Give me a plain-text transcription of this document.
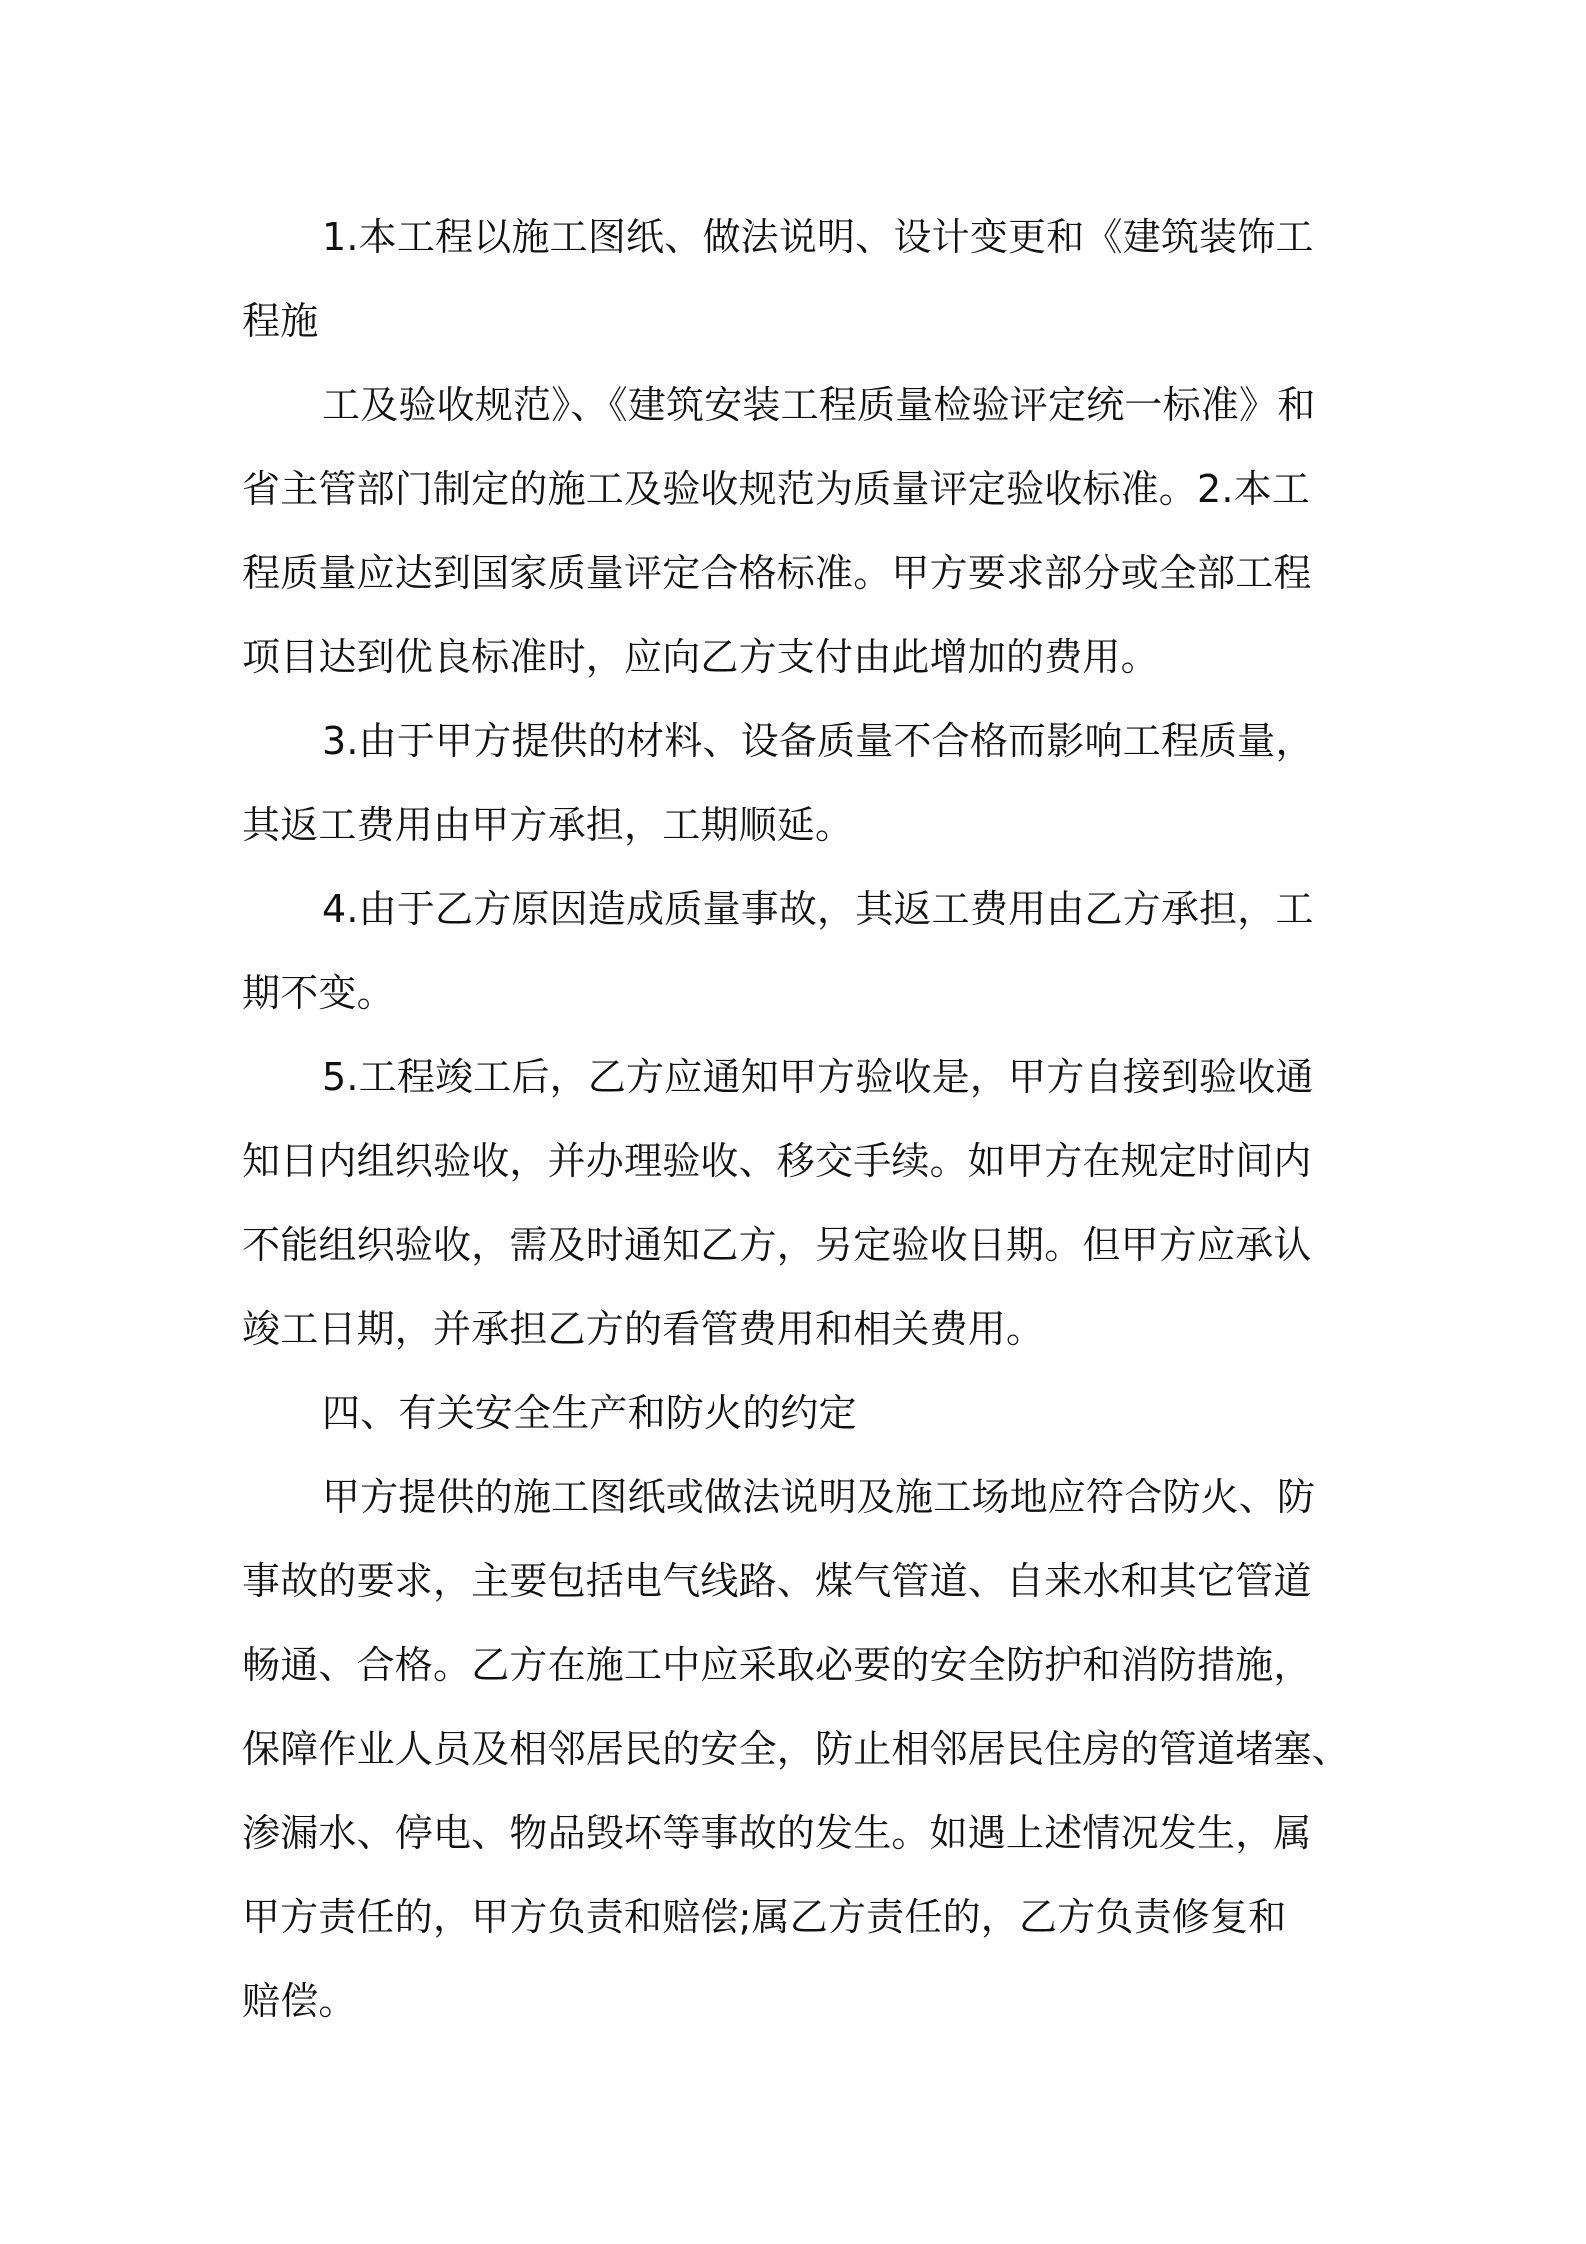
1.本工程以施工图纸、做法说明、设计变更和《建筑装饰工
程施
工及验收规范》、《建筑安装工程质量检验评定统一标准》和
省主管部门制定的施工及验收规范为质量评定验收标准。2.本工
程质量应达到国家质量评定合格标准。甲方要求部分或全部工程
项目达到优良标准时，应向乙方支付由此增加的费用。
3.由于甲方提供的材料、设备质量不合格而影响工程质量，
其返工费用由甲方承担，工期顺延。
4.由于乙方原因造成质量事故，其返工费用由乙方承担，工
期不变。
5.工程竣工后，乙方应通知甲方验收是，甲方自接到验收通
知日内组织验收，并办理验收、移交手续。如甲方在规定时间内
不能组织验收，需及时通知乙方，另定验收日期。但甲方应承认
竣工日期，并承担乙方的看管费用和相关费用。
四、有关安全生产和防火的约定
甲方提供的施工图纸或做法说明及施工场地应符合防火、防
事故的要求，主要包括电气线路、煤气管道、自来水和其它管道
畅通、合格。乙方在施工中应采取必要的安全防护和消防措施，
保障作业人员及相邻居民的安全，防止相邻居民住房的管道堵塞、
渗漏水、停电、物品毁坏等事故的发生。如遇上述情况发生，属
甲方责任的，甲方负责和赔偿;属乙方责任的，乙方负责修复和
赔偿。
